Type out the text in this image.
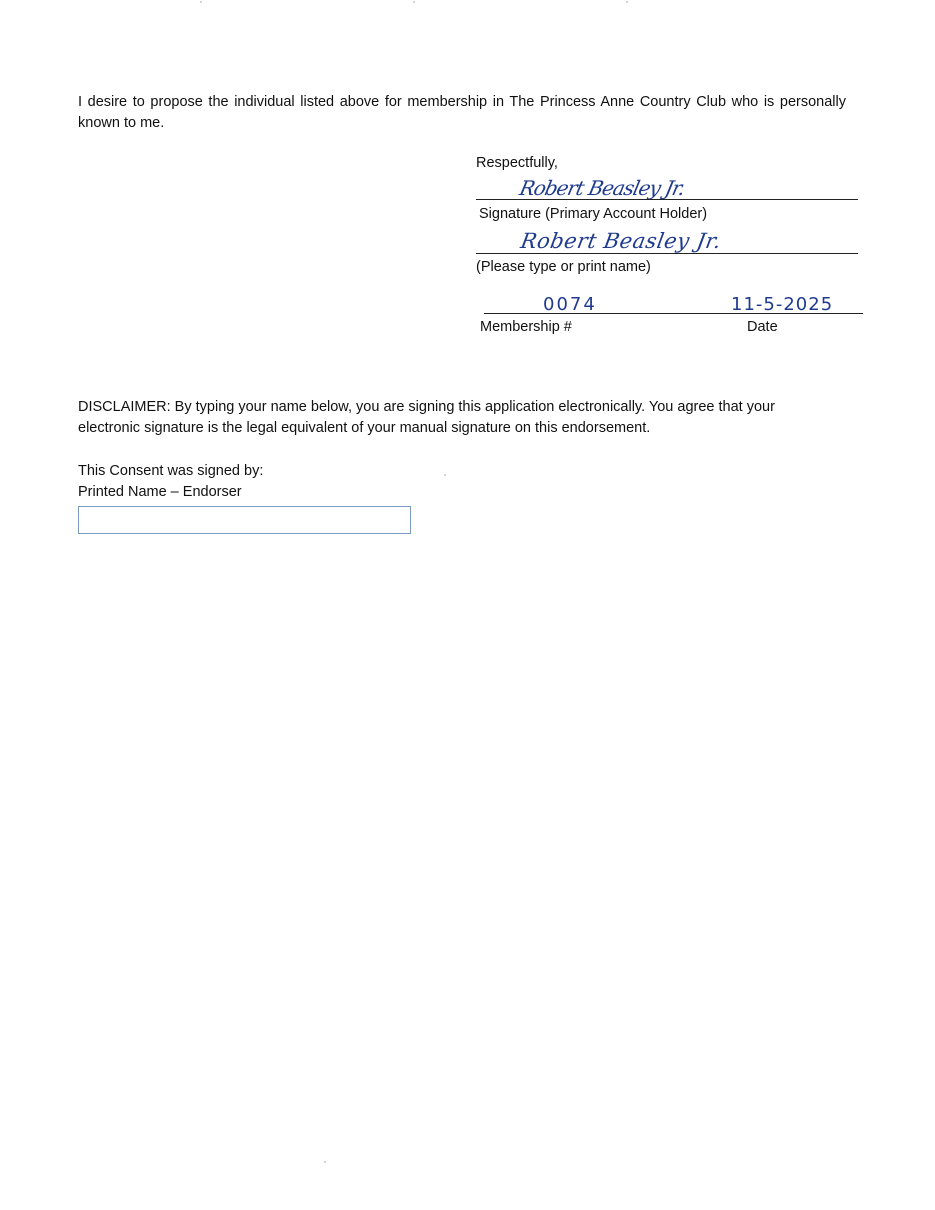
I desire to propose the individual listed above for membership in The Princess Anne Country Club who is personally known to me.

Respectfully,

Robert Beasley Jr.

Signature (Primary Account Holder)

Robert Beasley Jr.

(Please type or print name)

0074	11-5-2025

Membership #	Date

DISCLAIMER: By typing your name below, you are signing this application electronically. You agree that your electronic signature is the legal equivalent of your manual signature on this endorsement.

This Consent was signed by:
Printed Name – Endorser
